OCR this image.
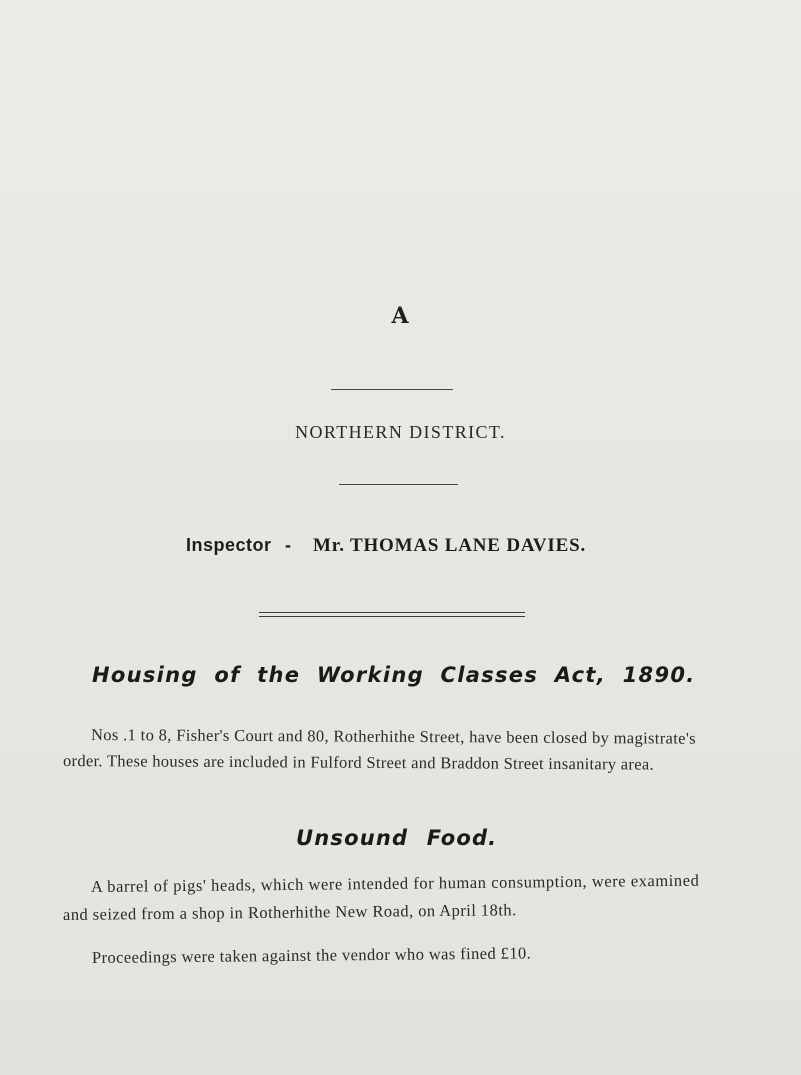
A
NORTHERN DISTRICT.
Inspector - Mr. THOMAS LANE DAVIES.
Housing of the Working Classes Act, 1890.
Nos .1 to 8, Fisher's Court and 80, Rotherhithe Street, have been closed by magistrate's
order. These houses are included in Fulford Street and Braddon Street insanitary area.
Unsound Food.
A barrel of pigs' heads, which were intended for human consumption, were examined
and seized from a shop in Rotherhithe New Road, on April 18th.
Proceedings were taken against the vendor who was fined £10.
